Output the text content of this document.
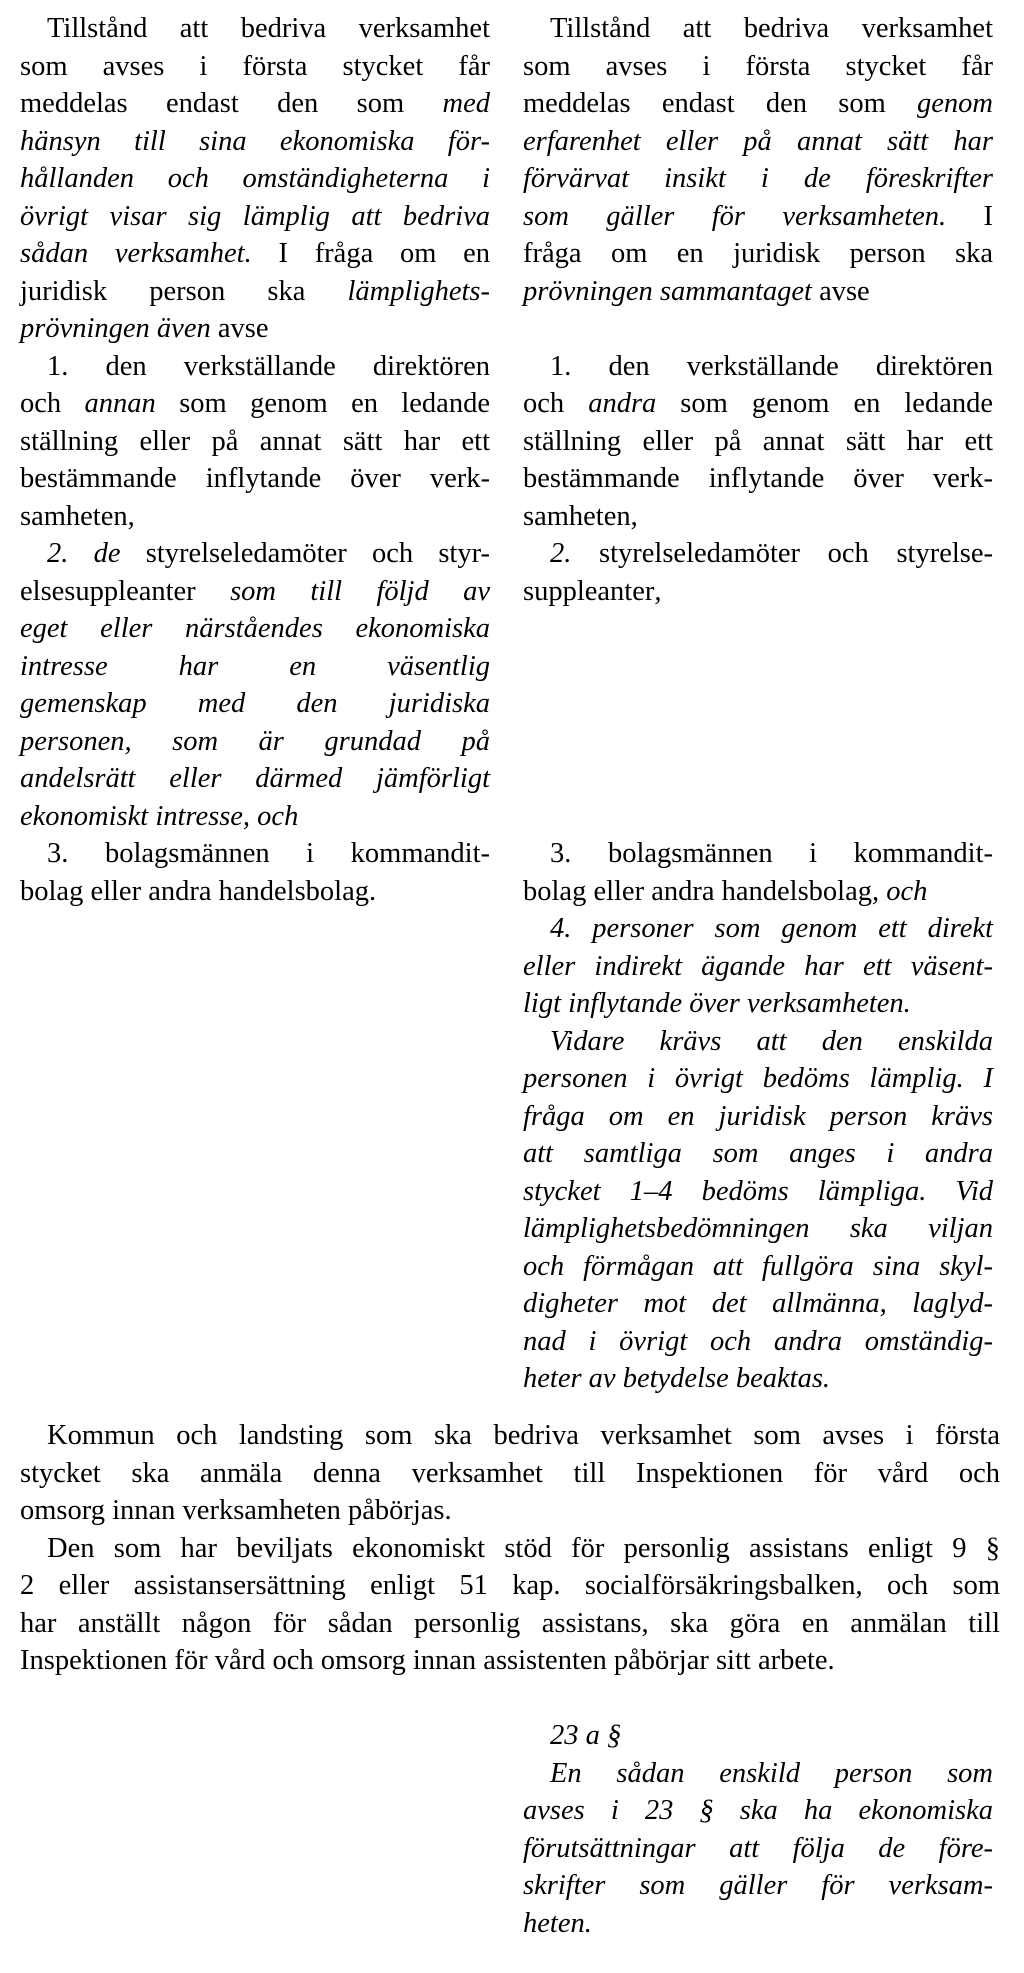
Tillstånd att bedriva verksamhet
som avses i första stycket får
meddelas endast den som med
hänsyn till sina ekonomiska för-
hållanden och omständigheterna i
övrigt visar sig lämplig att bedriva
sådan verksamhet. I fråga om en
juridisk person ska lämplighets-
prövningen även avse
1. den verkställande direktören
och annan som genom en ledande
ställning eller på annat sätt har ett
bestämmande inflytande över verk-
samheten,
2. de styrelseledamöter och styr-
elsesuppleanter som till följd av
eget eller närståendes ekonomiska
intresse har en väsentlig
gemenskap med den juridiska
personen, som är grundad på
andelsrätt eller därmed jämförligt
ekonomiskt intresse, och
3. bolagsmännen i kommandit-
bolag eller andra handelsbolag.
Tillstånd att bedriva verksamhet
som avses i första stycket får
meddelas endast den som genom
erfarenhet eller på annat sätt har
förvärvat insikt i de föreskrifter
som gäller för verksamheten. I
fråga om en juridisk person ska
prövningen sammantaget avse
1. den verkställande direktören
och andra som genom en ledande
ställning eller på annat sätt har ett
bestämmande inflytande över verk-
samheten,
2. styrelseledamöter och styrelse-
suppleanter,
3. bolagsmännen i kommandit-
bolag eller andra handelsbolag, och
4. personer som genom ett direkt
eller indirekt ägande har ett väsent-
ligt inflytande över verksamheten.
Vidare krävs att den enskilda
personen i övrigt bedöms lämplig. I
fråga om en juridisk person krävs
att samtliga som anges i andra
stycket 1–4 bedöms lämpliga. Vid
lämplighetsbedömningen ska viljan
och förmågan att fullgöra sina skyl-
digheter mot det allmänna, laglyd-
nad i övrigt och andra omständig-
heter av betydelse beaktas.
Kommun och landsting som ska bedriva verksamhet som avses i första
stycket ska anmäla denna verksamhet till Inspektionen för vård och
omsorg innan verksamheten påbörjas.
Den som har beviljats ekonomiskt stöd för personlig assistans enligt 9 §
2 eller assistansersättning enligt 51 kap. socialförsäkringsbalken, och som
har anställt någon för sådan personlig assistans, ska göra en anmälan till
Inspektionen för vård och omsorg innan assistenten påbörjar sitt arbete.
23 a §
En sådan enskild person som
avses i 23 § ska ha ekonomiska
förutsättningar att följa de före-
skrifter som gäller för verksam-
heten.
